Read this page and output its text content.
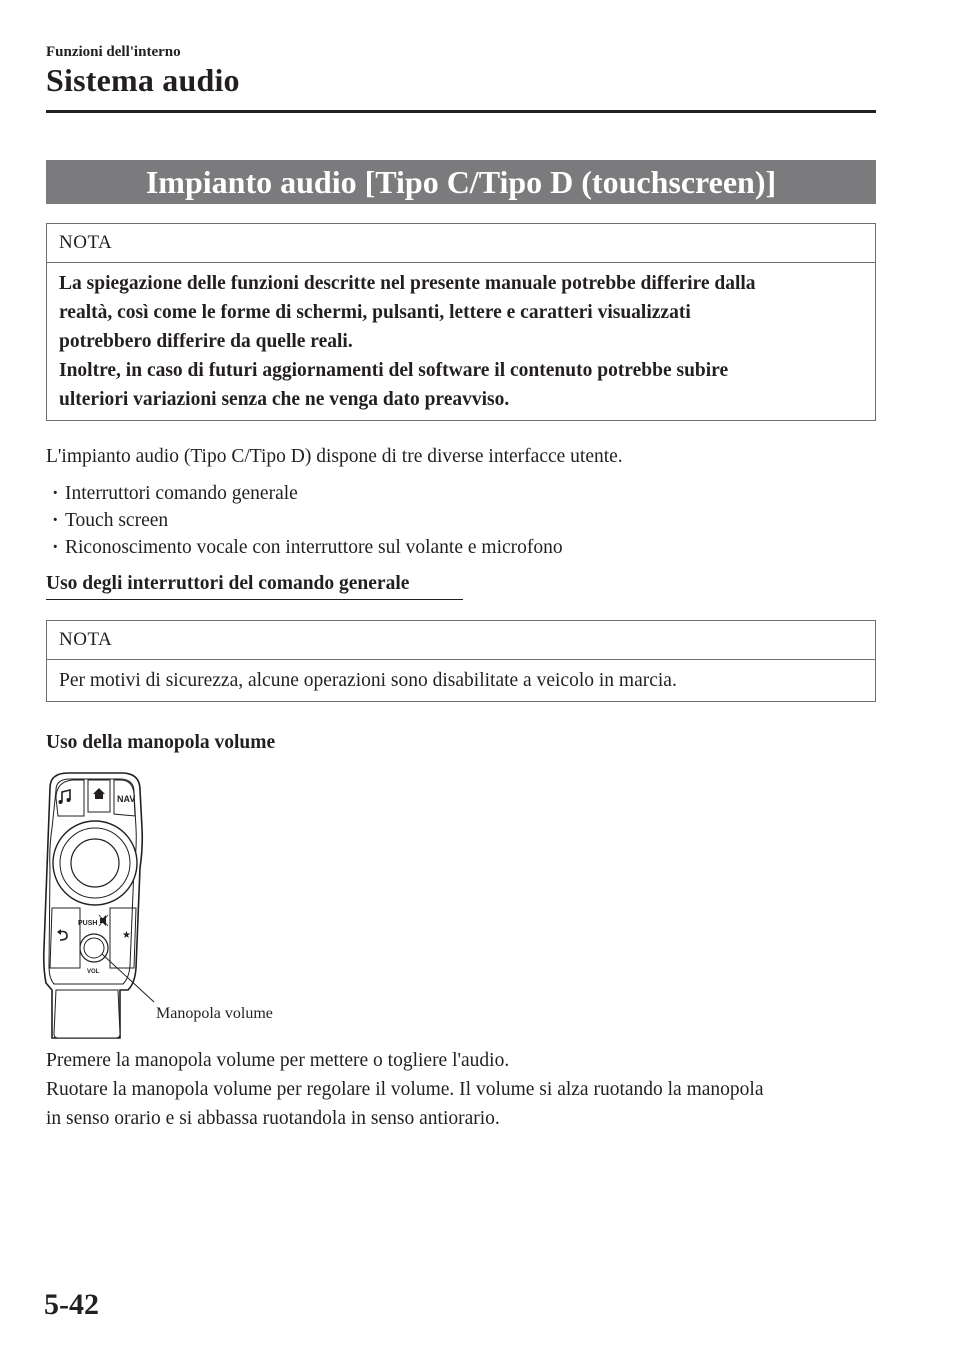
Funzioni dell'interno
Sistema audio
Impianto audio [Tipo C/Tipo D (touchscreen)]
NOTA
La spiegazione delle funzioni descritte nel presente manuale potrebbe differire dalla
realtà, così come le forme di schermi, pulsanti, lettere e caratteri visualizzati
potrebbero differire da quelle reali.
Inoltre, in caso di futuri aggiornamenti del software il contenuto potrebbe subire
ulteriori variazioni senza che ne venga dato preavviso.
L'impianto audio (Tipo C/Tipo D) dispone di tre diverse interfacce utente.
· Interruttori comando generale
· Touch screen
· Riconoscimento vocale con interruttore sul volante e microfono
Uso degli interruttori del comando generale
NOTA
Per motivi di sicurezza, alcune operazioni sono disabilitate a veicolo in marcia.
Uso della manopola volume
NAV
★
PUSH
VOL
Manopola volume
Premere la manopola volume per mettere o togliere l'audio.
Ruotare la manopola volume per regolare il volume. Il volume si alza ruotando la manopola
in senso orario e si abbassa ruotandola in senso antiorario.
5-42
